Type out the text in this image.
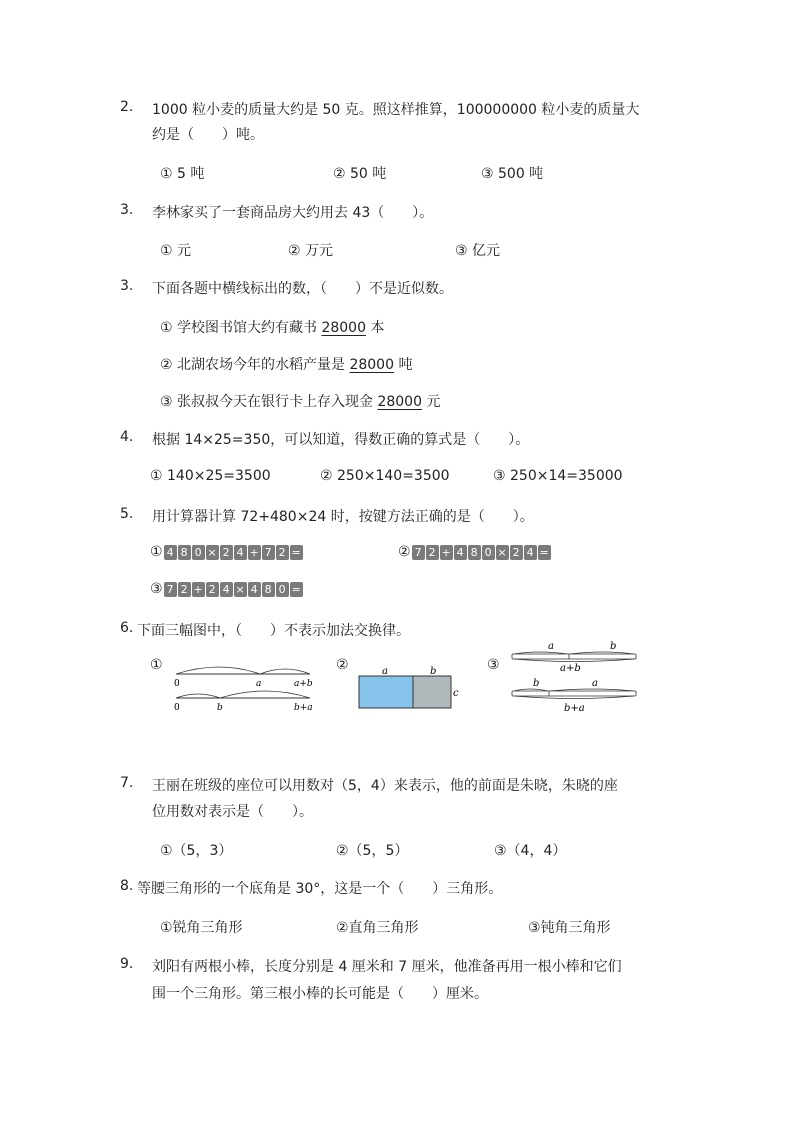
2. 1000 粒小麦的质量大约是 50 克。照这样推算，100000000 粒小麦的质量大
约是（　　）吨。
① 5 吨	② 50 吨	③ 500 吨
3. 李林家买了一套商品房大约用去 43（　　）。
① 元	② 万元	③ 亿元
3. 下面各题中横线标出的数，（　　）不是近似数。
① 学校图书馆大约有藏书 28000 本
② 北湖农场今年的水稻产量是 28000 吨
③ 张叔叔今天在银行卡上存入现金 28000 元
4. 根据 14×25=350，可以知道，得数正确的算式是（　　）。
① 140×25=3500	② 250×140=3500	③ 250×14=35000
5. 用计算器计算 72+480×24 时，按键方法正确的是（　　）。
① 4 8 0 × 2 4 + 7 2 =	② 7 2 + 4 8 0 × 2 4 =
③ 7 2 + 2 4 × 4 8 0 =
6. 下面三幅图中，（　　）不表示加法交换律。
①
0	a	a+b
0	b	b+a
②	a	b
c
③
a	b
a+b
b	a
b+a
7. 王丽在班级的座位可以用数对（5，4）来表示，他的前面是朱晓，朱晓的座
位用数对表示是（　　）。
①（5，3）	②（5，5）	③（4，4）
8. 等腰三角形的一个底角是 30°，这是一个（　　）三角形。
①锐角三角形	②直角三角形	③钝角三角形
9. 刘阳有两根小棒，长度分别是 4 厘米和 7 厘米，他准备再用一根小棒和它们
围一个三角形。第三根小棒的长可能是（　　）厘米。
